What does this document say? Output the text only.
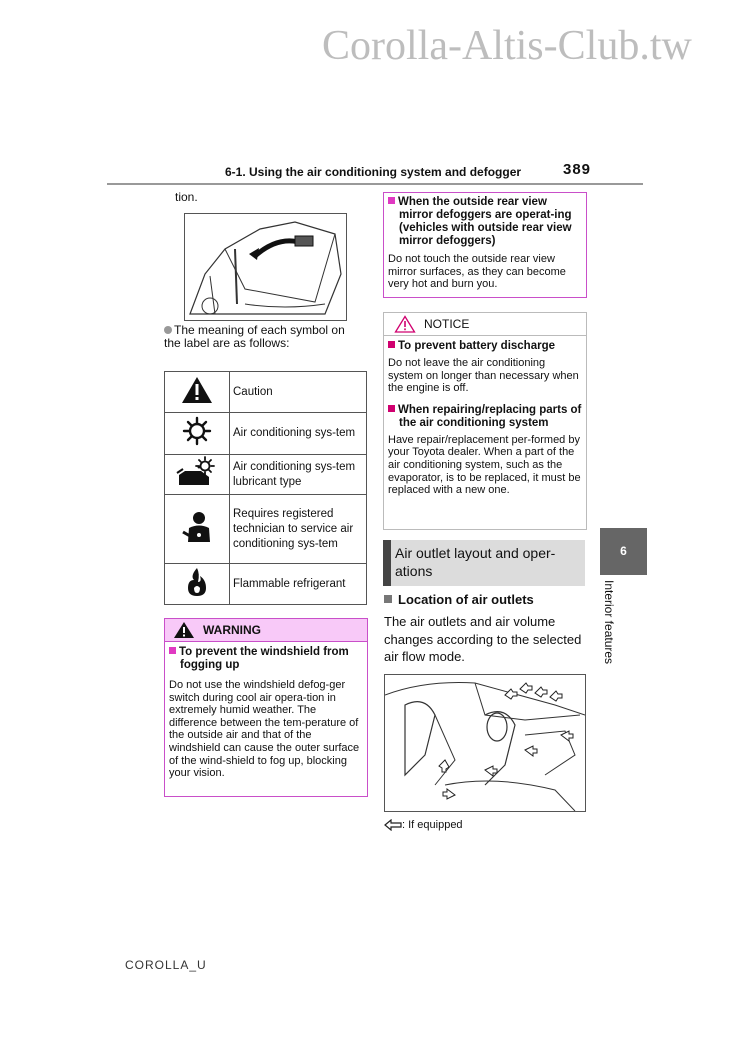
Corolla-Altis-Club.tw
6-1. Using the air conditioning system and defogger	389
tion.
The meaning of each symbol on the label are as follows:
	Caution
	Air conditioning sys-tem
	Air conditioning sys-tem lubricant type
	Requires registered technician to service air conditioning sys-tem
	Flammable refrigerant
WARNING
To prevent the windshield from fogging up
Do not use the windshield defog-ger switch during cool air opera-tion in extremely humid weather. The difference between the tem-perature of the outside air and that of the windshield can cause the outer surface of the wind-shield to fog up, blocking your vision.
When the outside rear view mirror defoggers are operat-ing (vehicles with outside rear view mirror defoggers)
Do not touch the outside rear view mirror surfaces, as they can become very hot and burn you.
NOTICE
To prevent battery discharge
Do not leave the air conditioning system on longer than necessary when the engine is off.
When repairing/replacing parts of the air conditioning system
Have repair/replacement per-formed by your Toyota dealer. When a part of the air conditioning system, such as the evaporator, is to be replaced, it must be replaced with a new one.
Air outlet layout and oper-ations
Location of air outlets
The air outlets and air volume changes according to the selected air flow mode.
: If equipped
6
Interior features
COROLLA_U
